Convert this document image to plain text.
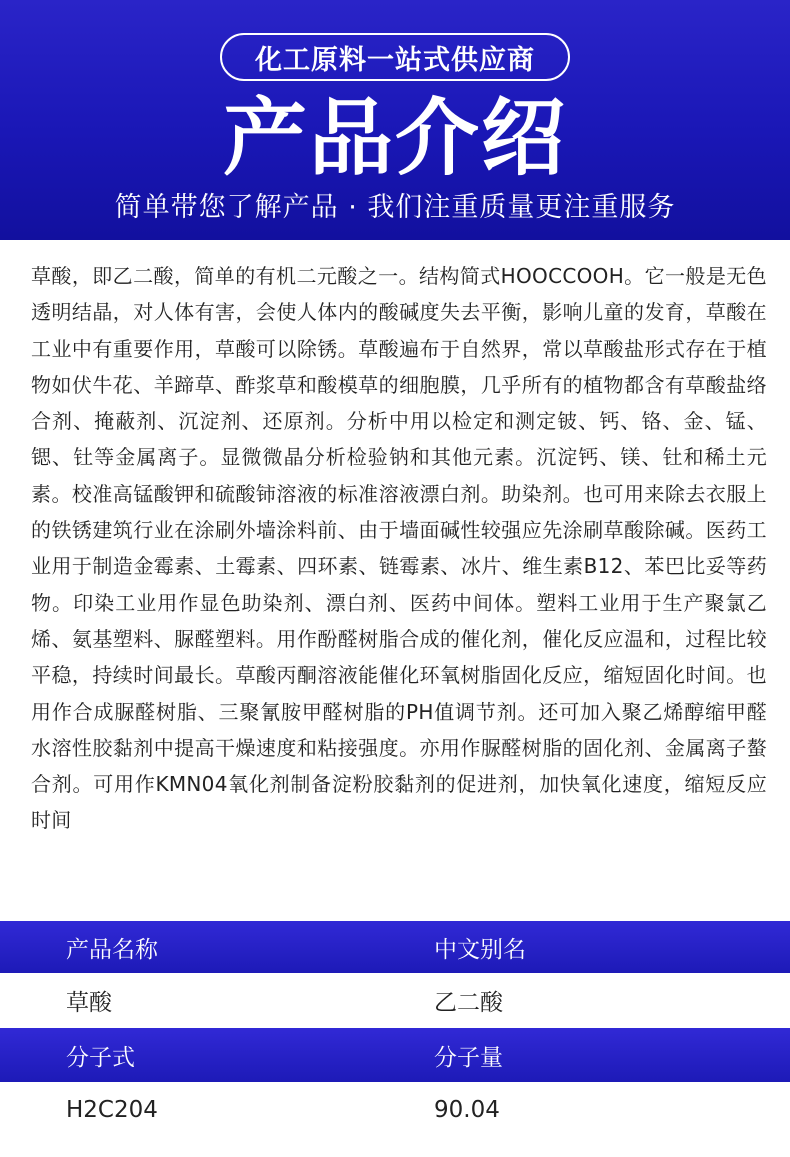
化工原料一站式供应商
产品介绍
简单带您了解产品 · 我们注重质量更注重服务

草酸，即乙二酸，简单的有机二元酸之一。结构简式HOOCCOOH。它一般是无色透明结晶，对人体有害，会使人体内的酸碱度失去平衡，影响儿童的发育，草酸在工业中有重要作用，草酸可以除锈。草酸遍布于自然界，常以草酸盐形式存在于植物如伏牛花、羊蹄草、酢浆草和酸模草的细胞膜，几乎所有的植物都含有草酸盐络合剂、掩蔽剂、沉淀剂、还原剂。分析中用以检定和测定铍、钙、铬、金、锰、锶、钍等金属离子。显微微晶分析检验钠和其他元素。沉淀钙、镁、钍和稀土元素。校准高锰酸钾和硫酸铈溶液的标准溶液漂白剂。助染剂。也可用来除去衣服上的铁锈建筑行业在涂刷外墙涂料前、由于墙面碱性较强应先涂刷草酸除碱。医药工业用于制造金霉素、土霉素、四环素、链霉素、冰片、维生素B12、苯巴比妥等药物。印染工业用作显色助染剂、漂白剂、医药中间体。塑料工业用于生产聚氯乙烯、氨基塑料、脲醛塑料。用作酚醛树脂合成的催化剂，催化反应温和，过程比较平稳，持续时间最长。草酸丙酮溶液能催化环氧树脂固化反应，缩短固化时间。也用作合成脲醛树脂、三聚氰胺甲醛树脂的PH值调节剂。还可加入聚乙烯醇缩甲醛水溶性胶黏剂中提高干燥速度和粘接强度。亦用作脲醛树脂的固化剂、金属离子螯合剂。可用作KMN04氧化剂制备淀粉胶黏剂的促进剂，加快氧化速度，缩短反应时间

产品名称	中文别名
草酸	乙二酸
分子式	分子量
H2C204	90.04
